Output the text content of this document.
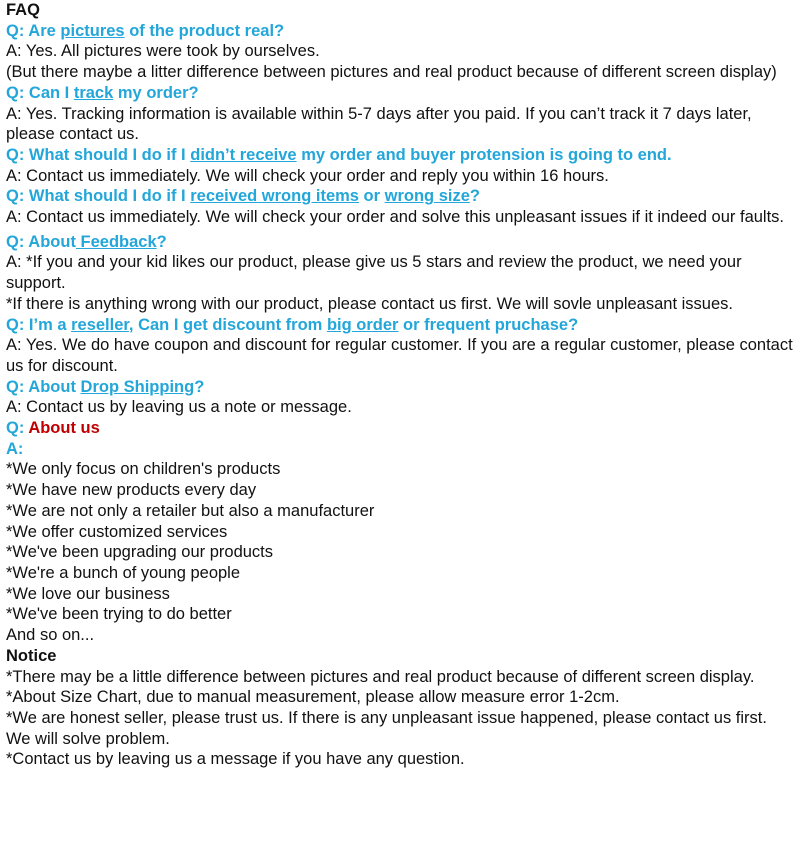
FAQ
Q: Are pictures of the product real?
A: Yes. All pictures were took by ourselves.
(But there maybe a litter difference between pictures and real product because of different screen display)
Q: Can I track my order?
A: Yes. Tracking information is available within 5-7 days after you paid. If you can’t track it 7 days later, please contact us.
Q: What should I do if I didn’t receive my order and buyer protension is going to end.
A: Contact us immediately. We will check your order and reply you within 16 hours.
Q: What should I do if I received wrong items or wrong size?
A: Contact us immediately. We will check your order and solve this unpleasant issues if it indeed our faults.
Q: About Feedback?
A: *If you and your kid likes our product, please give us 5 stars and review the product, we need your support.
*If there is anything wrong with our product, please contact us first. We will sovle unpleasant issues.
Q: I’m a reseller, Can I get discount from big order or frequent pruchase?
A: Yes. We do have coupon and discount for regular customer. If you are a regular customer, please contact us for discount.
Q: About Drop Shipping?
A: Contact us by leaving us a note or message.
Q: About us
A:
*We only focus on children's products
*We have new products every day
*We are not only a retailer but also a manufacturer
*We offer customized services
*We've been upgrading our products
*We're a bunch of young people
*We love our business
*We've been trying to do better
And so on...
Notice
*There may be a little difference between pictures and real product because of different screen display.
*About Size Chart, due to manual measurement, please allow measure error 1-2cm.
*We are honest seller, please trust us. If there is any unpleasant issue happened, please contact us first. We will solve problem.
*Contact us by leaving us a message if you have any question.
